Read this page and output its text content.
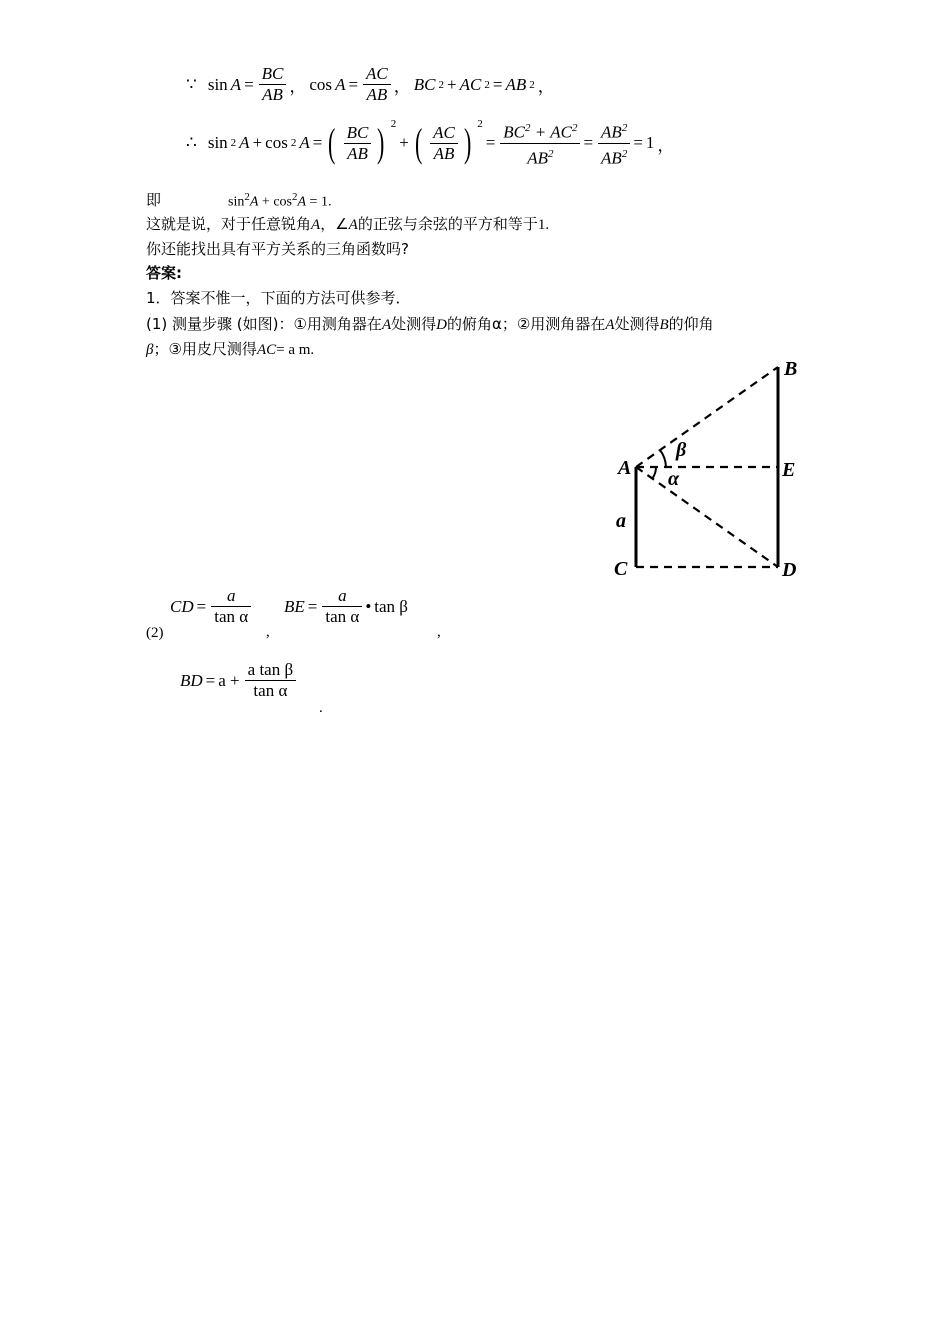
∵ $\sin A = \frac{BC}{AB}$ ， $\cos A = \frac{AC}{AB}$ ， BC 2 + AC 2 = AB 2 ，
∴ sin 2 A + cos 2 A = ( $\frac{BC}{AB}$ ) $^2$
+ ( $\frac{AC}{AB}$ ) $^2$
= $\frac{BC^2 + AC^2}{AB^2} = \frac{AB^2}{AB^2} = 1$ ，
即	$\sin^2A + \cos^2A = 1$.
这就是说，对于任意锐角A，∠A的正弦与余弦的平方和等于1.
你还能找出具有平方关系的三角函数吗?
答案:
1．答案不惟一，下面的方法可供参考．
(1) 测量步骤 (如图)：①用测角器在A处测得D的俯角α；②用测角器在A处测得B的仰角
β；③用皮尺测得AC= a m.
B
E
A
C	D
β
α
a
(2)
CD = $\frac{a}{\text{tan α}}$
,
BE = $\frac{a}{\text{tan α}}$ • tan β
,
BD = $a + \frac{\text{a tan β}}{\text{tan α}}$
.
